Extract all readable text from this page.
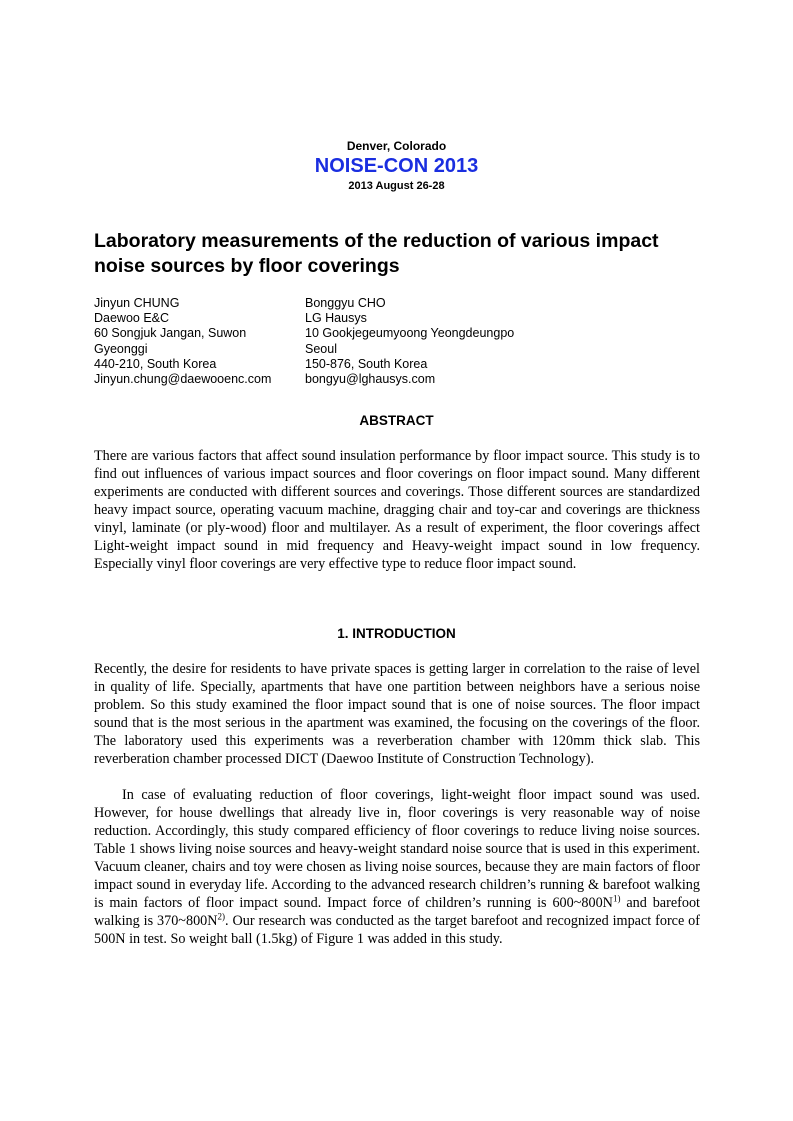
Denver, Colorado
NOISE-CON 2013
2013 August 26-28
Laboratory measurements of the reduction of various impact noise sources by floor coverings
Jinyun CHUNG
Daewoo E&C
60 Songjuk Jangan, Suwon
Gyeonggi
440-210, South Korea
Jinyun.chung@daewooenc.com
Bonggyu CHO
LG Hausys
10 Gookjegeumyoong Yeongdeungpo
Seoul
150-876, South Korea
bongyu@lghausys.com
ABSTRACT

There are various factors that affect sound insulation performance by floor impact source. This study is to find out influences of various impact sources and floor coverings on floor impact sound. Many different experiments are conducted with different sources and coverings. Those different sources are standardized heavy impact source, operating vacuum machine, dragging chair and toy-car and coverings are thickness vinyl, laminate (or ply-wood) floor and multilayer. As a result of experiment, the floor coverings affect Light-weight impact sound in mid frequency and Heavy-weight impact sound in low frequency. Especially vinyl floor coverings are very effective type to reduce floor impact sound.

1. INTRODUCTION

Recently, the desire for residents to have private spaces is getting larger in correlation to the raise of level in quality of life. Specially, apartments that have one partition between neighbors have a serious noise problem. So this study examined the floor impact sound that is one of noise sources. The floor impact sound that is the most serious in the apartment was examined, the focusing on the coverings of the floor. The laboratory used this experiments was a reverberation chamber with 120mm thick slab. This reverberation chamber processed DICT (Daewoo Institute of Construction Technology).

In case of evaluating reduction of floor coverings, light-weight floor impact sound was used. However, for house dwellings that already live in, floor coverings is very reasonable way of noise reduction. Accordingly, this study compared efficiency of floor coverings to reduce living noise sources. Table 1 shows living noise sources and heavy-weight standard noise source that is used in this experiment. Vacuum cleaner, chairs and toy were chosen as living noise sources, because they are main factors of floor impact sound in everyday life. According to the advanced research children’s running & barefoot walking is main factors of floor impact sound. Impact force of children’s running is $600\sim 800N^{1)}$ and barefoot walking is $370\sim 800N^{2)}$. Our research was conducted as the target barefoot and recognized impact force of 500N in test. So weight ball (1.5kg) of Figure 1 was added in this study.
